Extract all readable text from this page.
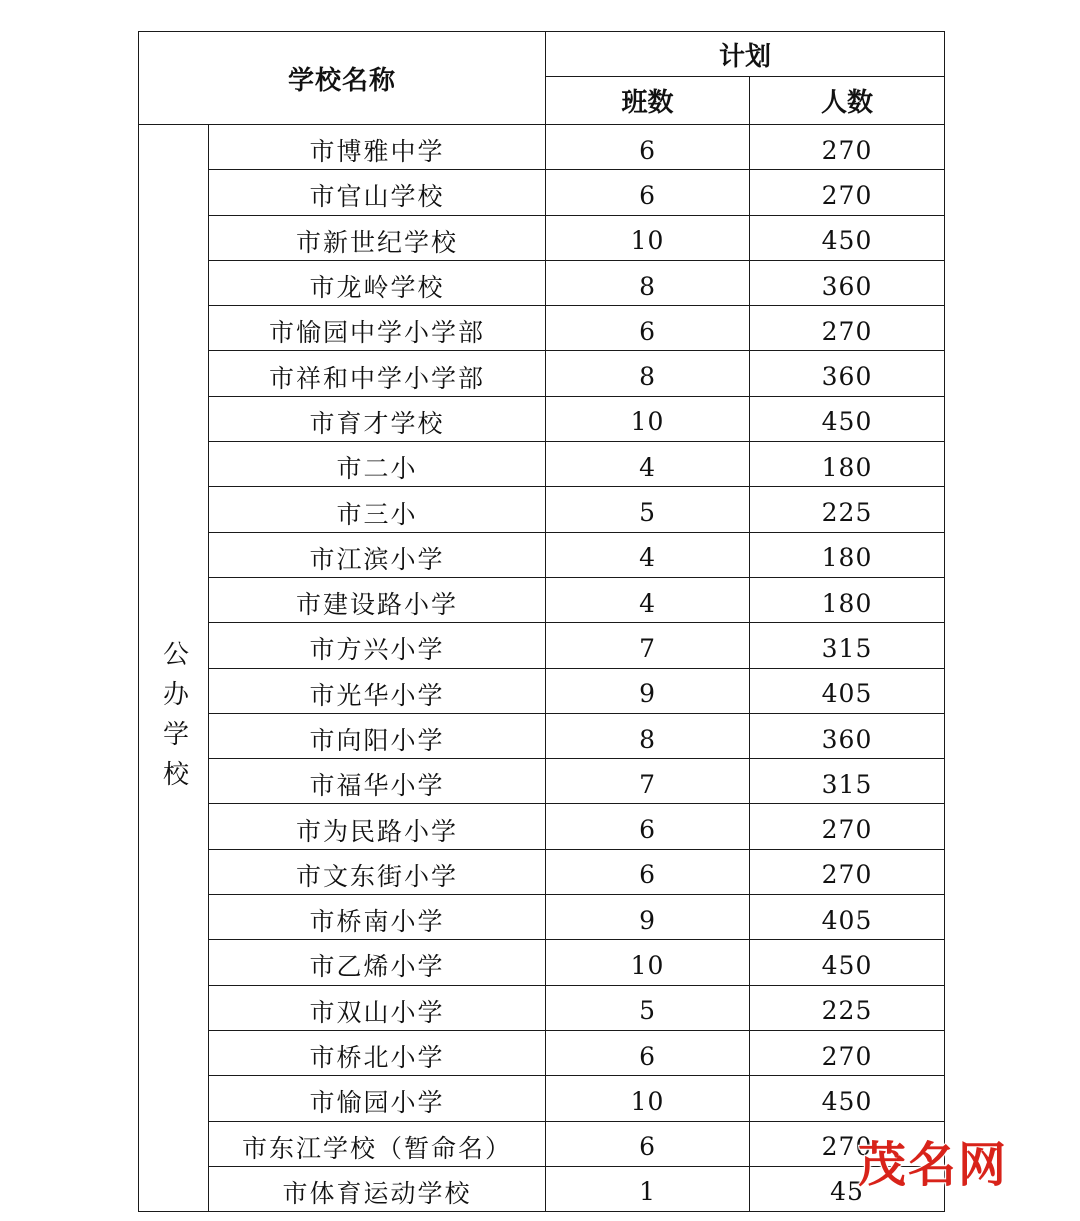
学校名称		计划	
		班数	人数
公办学校	市博雅中学	6	270
	市官山学校	6	270
	市新世纪学校	10	450
	市龙岭学校	8	360
	市愉园中学小学部	6	270
	市祥和中学小学部	8	360
	市育才学校	10	450
	市二小	4	180
	市三小	5	225
	市江滨小学	4	180
	市建设路小学	4	180
	市方兴小学	7	315
	市光华小学	9	405
	市向阳小学	8	360
	市福华小学	7	315
	市为民路小学	6	270
	市文东街小学	6	270
	市桥南小学	9	405
	市乙烯小学	10	450
	市双山小学	5	225
	市桥北小学	6	270
	市愉园小学	10	450
	市东江学校（暂命名）	6	270
	市体育运动学校	1	45
茂名网
